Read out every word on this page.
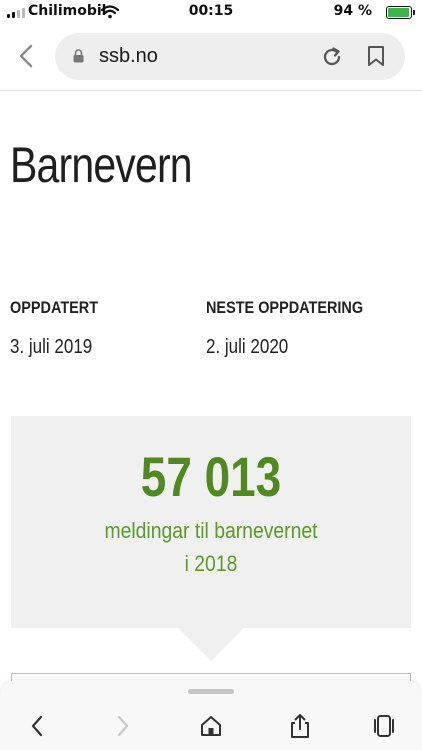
Chilimobil	00:15	94 %
ssb.no
Barnevern
OPPDATERT
3. juli 2019
NESTE OPPDATERING
2. juli 2020
57 013
meldingar til barnevernet
i 2018
